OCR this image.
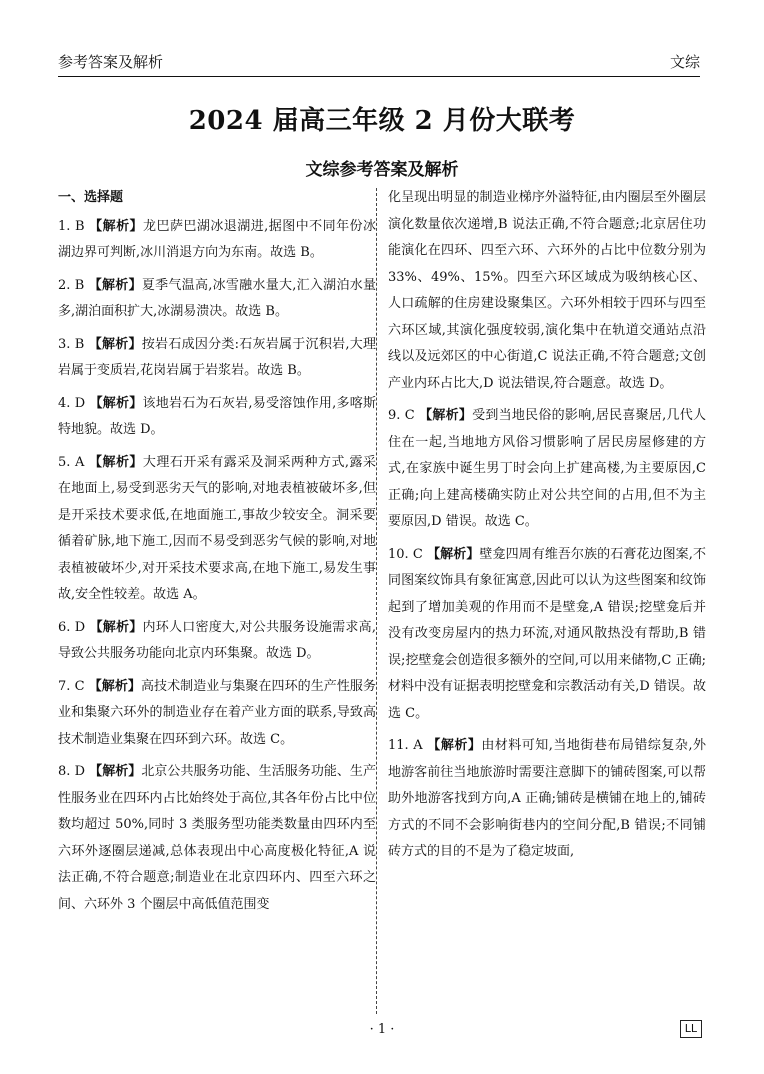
参考答案及解析	文综
2024 届高三年级 2 月份大联考
文综参考答案及解析
一、选择题
1. B 【解析】龙巴萨巴湖冰退湖进,据图中不同年份冰湖边界可判断,冰川消退方向为东南。故选 B。
2. B 【解析】夏季气温高,冰雪融水量大,汇入湖泊水量多,湖泊面积扩大,冰湖易溃决。故选 B。
3. B 【解析】按岩石成因分类:石灰岩属于沉积岩,大理岩属于变质岩,花岗岩属于岩浆岩。故选 B。
4. D 【解析】该地岩石为石灰岩,易受溶蚀作用,多喀斯特地貌。故选 D。
5. A 【解析】大理石开采有露采及洞采两种方式,露采在地面上,易受到恶劣天气的影响,对地表植被破坏多,但是开采技术要求低,在地面施工,事故少较安全。洞采要循着矿脉,地下施工,因而不易受到恶劣气候的影响,对地表植被破坏少,对开采技术要求高,在地下施工,易发生事故,安全性较差。故选 A。
6. D 【解析】内环人口密度大,对公共服务设施需求高,导致公共服务功能向北京内环集聚。故选 D。
7. C 【解析】高技术制造业与集聚在四环的生产性服务业和集聚六环外的制造业存在着产业方面的联系,导致高技术制造业集聚在四环到六环。故选 C。
8. D 【解析】北京公共服务功能、生活服务功能、生产性服务业在四环内占比始终处于高位,其各年份占比中位数均超过 50%,同时 3 类服务型功能类数量由四环内至六环外逐圈层递减,总体表现出中心高度极化特征,A 说法正确,不符合题意;制造业在北京四环内、四至六环之间、六环外 3 个圈层中高低值范围变
化呈现出明显的制造业梯序外溢特征,由内圈层至外圈层演化数量依次递增,B 说法正确,不符合题意;北京居住功能演化在四环、四至六环、六环外的占比中位数分别为 33%、49%、15%。四至六环区域成为吸纳核心区、人口疏解的住房建设聚集区。六环外相较于四环与四至六环区域,其演化强度较弱,演化集中在轨道交通站点沿线以及远郊区的中心街道,C 说法正确,不符合题意;文创产业内环占比大,D 说法错误,符合题意。故选 D。
9. C 【解析】受到当地民俗的影响,居民喜聚居,几代人住在一起,当地地方风俗习惯影响了居民房屋修建的方式,在家族中诞生男丁时会向上扩建高楼,为主要原因,C 正确;向上建高楼确实防止对公共空间的占用,但不为主要原因,D 错误。故选 C。
10. C 【解析】壁龛四周有维吾尔族的石膏花边图案,不同图案纹饰具有象征寓意,因此可以认为这些图案和纹饰起到了增加美观的作用而不是壁龛,A 错误;挖壁龛后并没有改变房屋内的热力环流,对通风散热没有帮助,B 错误;挖壁龛会创造很多额外的空间,可以用来储物,C 正确;材料中没有证据表明挖壁龛和宗教活动有关,D 错误。故选 C。
11. A 【解析】由材料可知,当地街巷布局错综复杂,外地游客前往当地旅游时需要注意脚下的铺砖图案,可以帮助外地游客找到方向,A 正确;铺砖是横铺在地上的,铺砖方式的不同不会影响街巷内的空间分配,B 错误;不同铺砖方式的目的不是为了稳定坡面,
· 1 ·	LL
